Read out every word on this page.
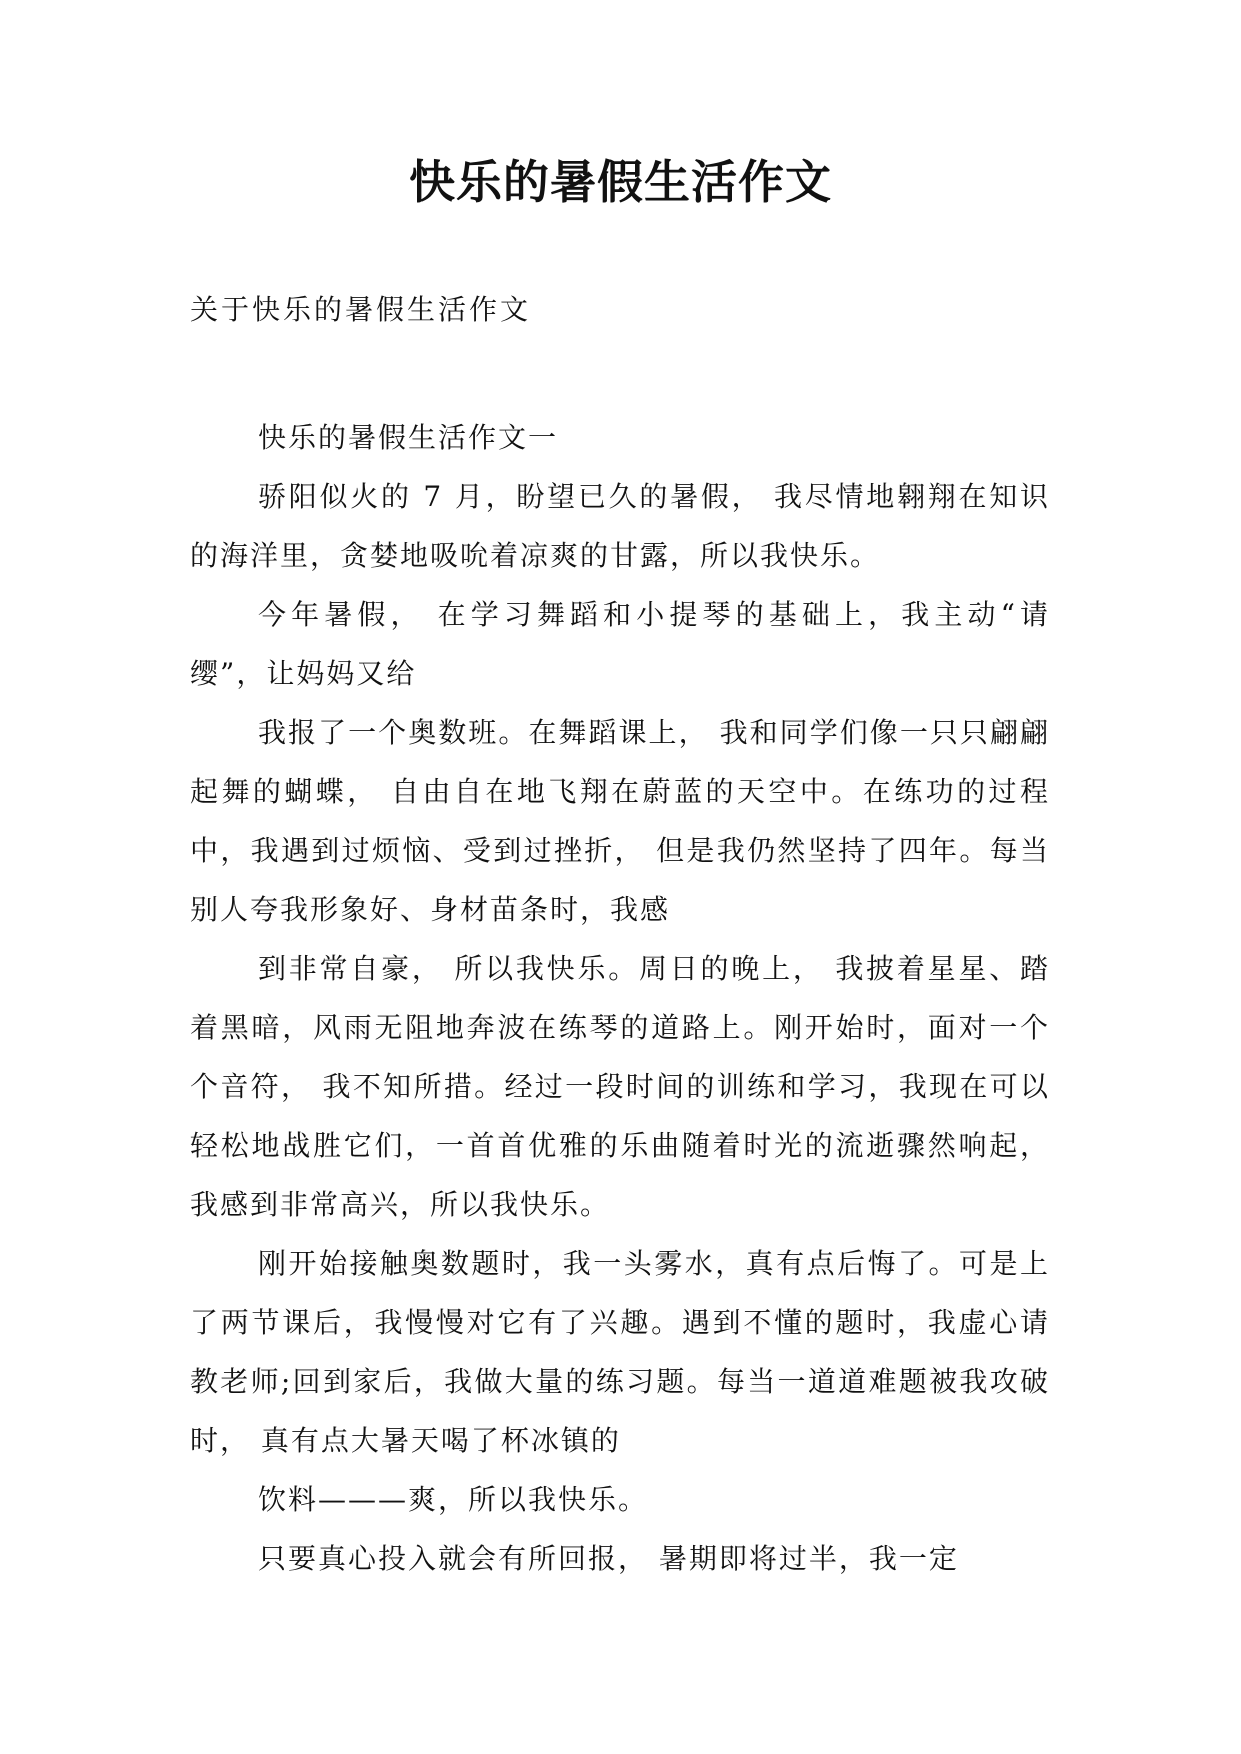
快乐的暑假生活作文
关于快乐的暑假生活作文

快乐的暑假生活作文一

骄阳似火的 7 月，盼望已久的暑假， 我尽情地翱翔在知识的海洋里，贪婪地吸吮着凉爽的甘露，所以我快乐。

今年暑假， 在学习舞蹈和小提琴的基础上，我主动“请缨”，让妈妈又给

我报了一个奥数班。在舞蹈课上， 我和同学们像一只只翩翩起舞的蝴蝶， 自由自在地飞翔在蔚蓝的天空中。在练功的过程中，我遇到过烦恼、受到过挫折， 但是我仍然坚持了四年。每当别人夸我形象好、身材苗条时，我感

到非常自豪， 所以我快乐。周日的晚上， 我披着星星、踏着黑暗，风雨无阻地奔波在练琴的道路上。刚开始时，面对一个个音符， 我不知所措。经过一段时间的训练和学习，我现在可以轻松地战胜它们，一首首优雅的乐曲随着时光的流逝骤然响起， 我感到非常高兴，所以我快乐。

刚开始接触奥数题时，我一头雾水，真有点后悔了。可是上了两节课后，我慢慢对它有了兴趣。遇到不懂的题时，我虚心请教老师;回到家后，我做大量的练习题。每当一道道难题被我攻破时， 真有点大暑天喝了杯冰镇的

饮料———爽，所以我快乐。

只要真心投入就会有所回报， 暑期即将过半，我一定
